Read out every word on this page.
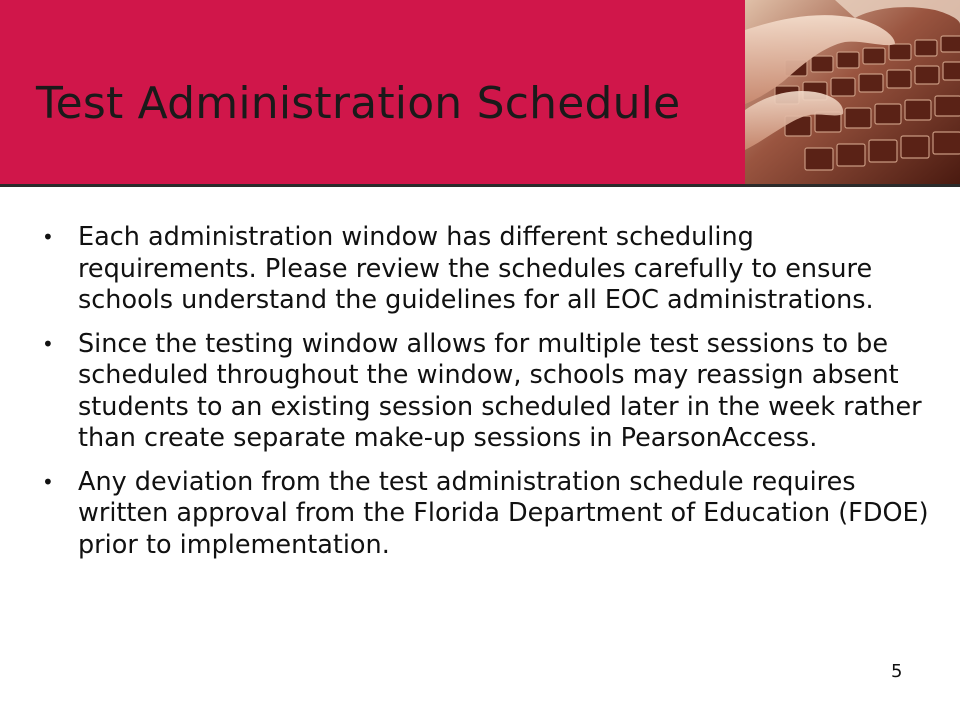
Test Administration Schedule
• Each administration window has different scheduling requirements. Please review the schedules carefully to ensure schools understand the guidelines for all EOC administrations.
• Since the testing window allows for multiple test sessions to be scheduled throughout the window, schools may reassign absent students to an existing session scheduled later in the week rather than create separate make-up sessions in PearsonAccess.
• Any deviation from the test administration schedule requires written approval from the Florida Department of Education (FDOE) prior to implementation.
5
